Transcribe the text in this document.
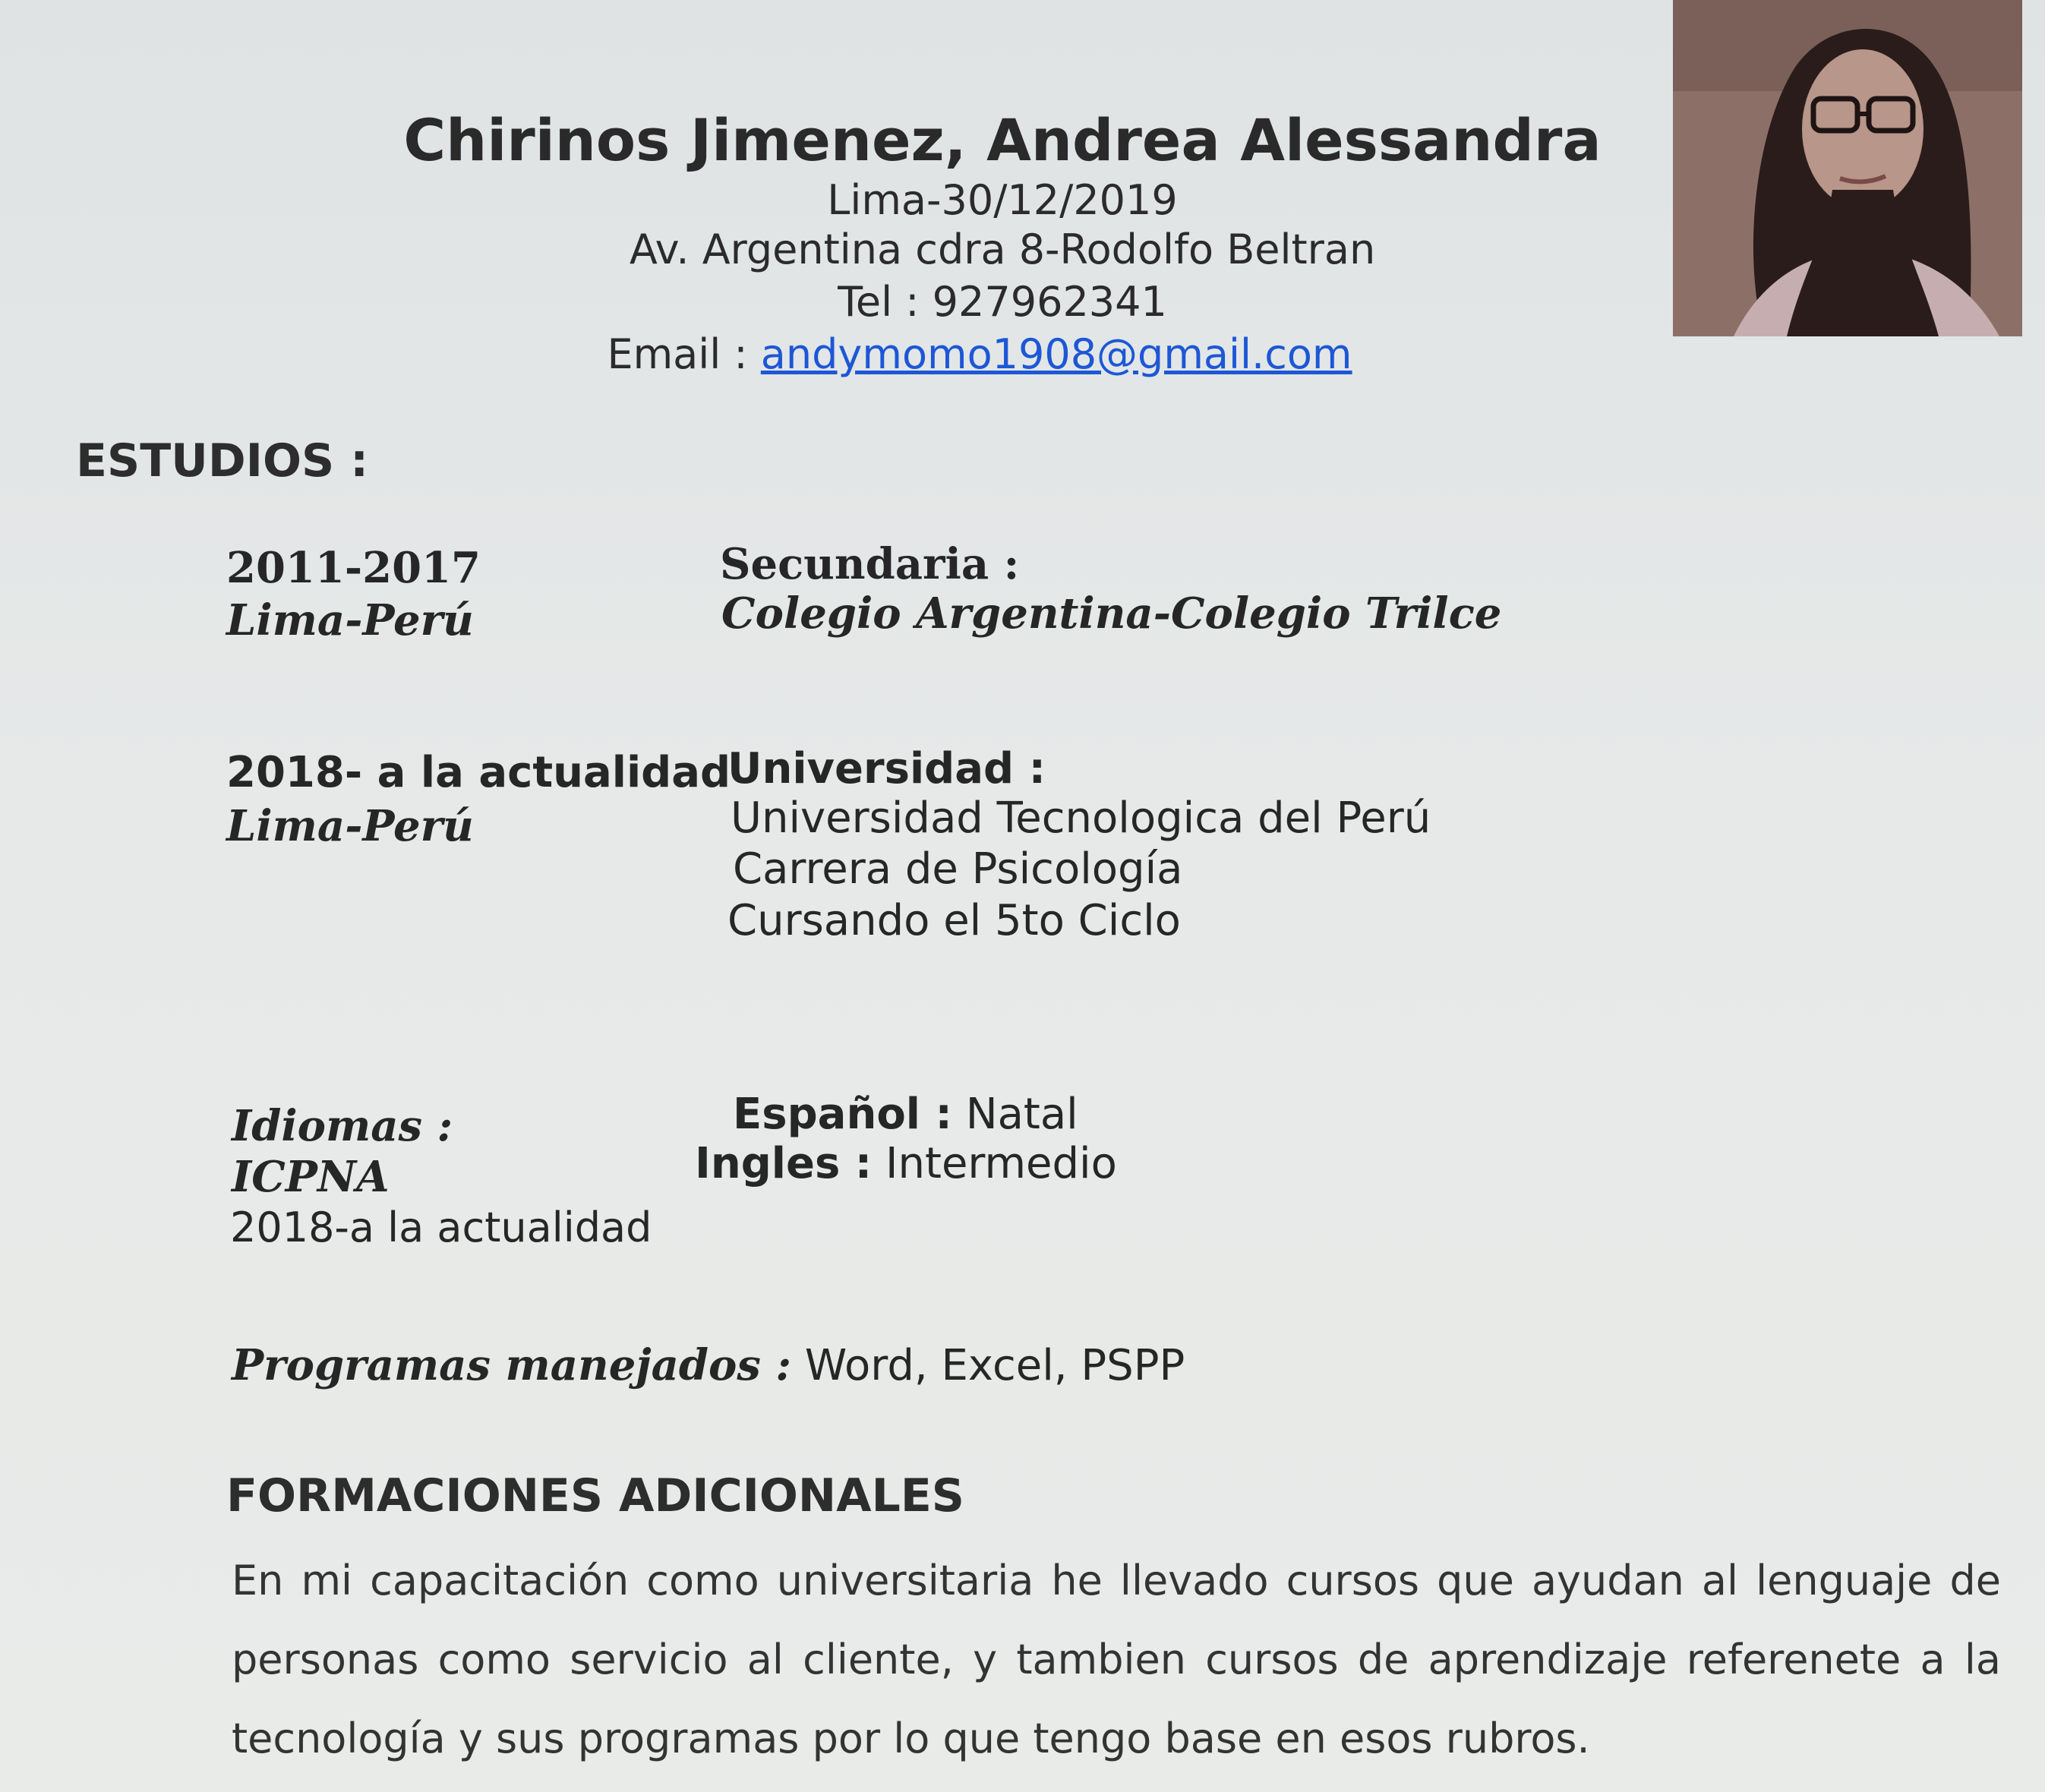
Chirinos Jimenez, Andrea Alessandra
Lima-30/12/2019
Av. Argentina cdra 8-Rodolfo Beltran
Tel : 927962341
Email : andymomo1908@gmail.com
ESTUDIOS :
2011-2017
Lima-Perú
Secundaria :
Colegio Argentina-Colegio Trilce
2018- a la actualidad
Lima-Perú
Universidad :
Universidad Tecnologica del Perú
Carrera de Psicología
Cursando el 5to Ciclo
Idiomas :
ICPNA
2018-a la actualidad
Español : Natal
Ingles : Intermedio
Programas manejados : Word, Excel, PSPP
FORMACIONES ADICIONALES
En mi capacitación como universitaria he llevado cursos que ayudan al lenguaje de personas como servicio al cliente, y tambien cursos de aprendizaje referenete a la tecnología y sus programas por lo que tengo base en esos rubros.
